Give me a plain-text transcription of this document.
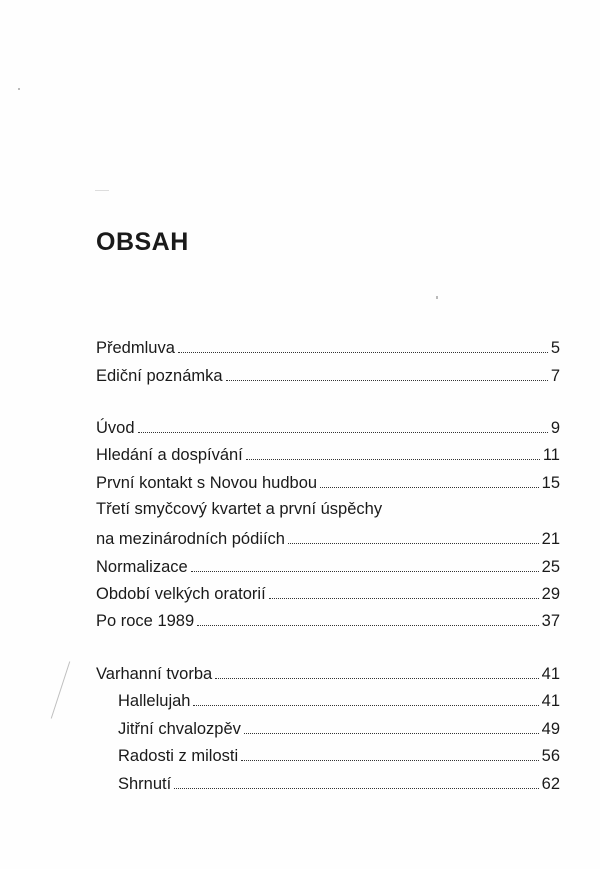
OBSAH
Předmluva	5
Ediční poznámka	7
Úvod	9
Hledání a dospívání	11
První kontakt s Novou hudbou	15
Třetí smyčcový kvartet a první úspěchy
na mezinárodních pódiích	21
Normalizace	25
Období velkých oratorií	29
Po roce 1989	37
Varhanní tvorba	41
Hallelujah	41
Jitřní chvalozpěv	49
Radosti z milosti	56
Shrnutí	62
